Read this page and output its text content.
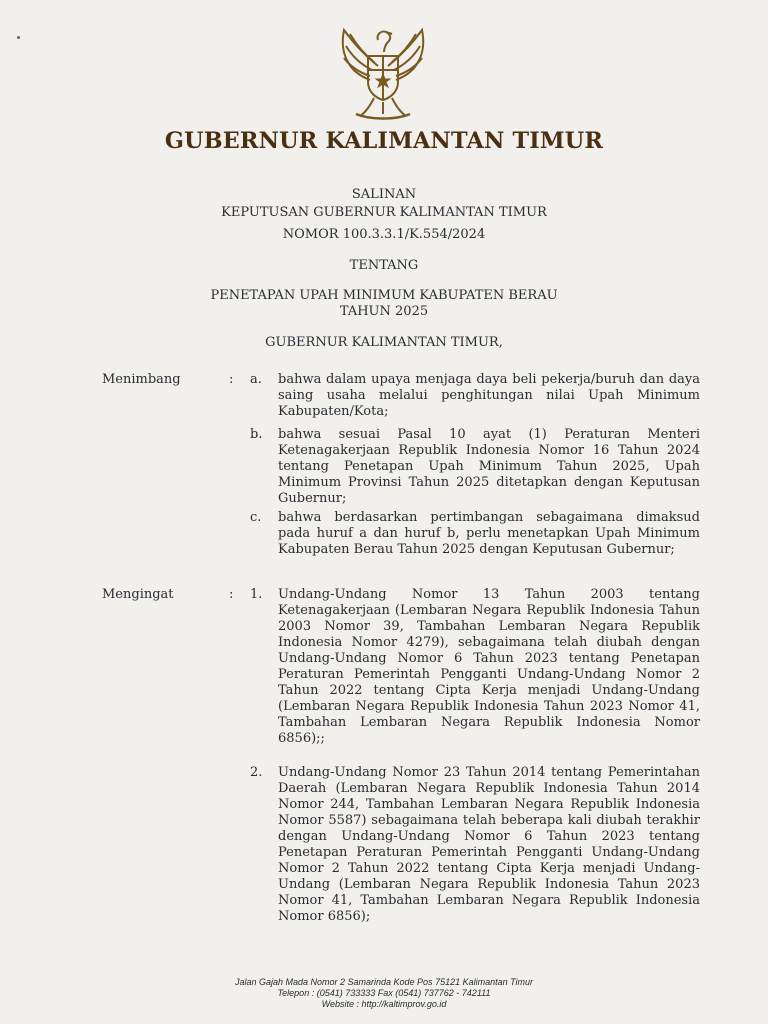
GUBERNUR KALIMANTAN TIMUR
SALINAN
KEPUTUSAN GUBERNUR KALIMANTAN TIMUR
NOMOR 100.3.3.1/K.554/2024
TENTANG
PENETAPAN UPAH MINIMUM KABUPATEN BERAU
TAHUN 2025
GUBERNUR KALIMANTAN TIMUR,
Menimbang	: a. bahwa dalam upaya menjaga daya beli pekerja/buruh dan daya saing usaha melalui penghitungan nilai Upah Minimum Kabupaten/Kota;
b. bahwa sesuai Pasal 10 ayat (1) Peraturan Menteri Ketenagakerjaan Republik Indonesia Nomor 16 Tahun 2024 tentang Penetapan Upah Minimum Tahun 2025, Upah Minimum Provinsi Tahun 2025 ditetapkan dengan Keputusan Gubernur;
c. bahwa berdasarkan pertimbangan sebagaimana dimaksud pada huruf a dan huruf b, perlu menetapkan Upah Minimum Kabupaten Berau Tahun 2025 dengan Keputusan Gubernur;
Mengingat	: 1. Undang-Undang Nomor 13 Tahun 2003 tentang Ketenagakerjaan (Lembaran Negara Republik Indonesia Tahun 2003 Nomor 39, Tambahan Lembaran Negara Republik Indonesia Nomor 4279), sebagaimana telah diubah dengan Undang-Undang Nomor 6 Tahun 2023 tentang Penetapan Peraturan Pemerintah Pengganti Undang-Undang Nomor 2 Tahun 2022 tentang Cipta Kerja menjadi Undang-Undang (Lembaran Negara Republik Indonesia Tahun 2023 Nomor 41, Tambahan Lembaran Negara Republik Indonesia Nomor 6856);;
2. Undang-Undang Nomor 23 Tahun 2014 tentang Pemerintahan Daerah (Lembaran Negara Republik Indonesia Tahun 2014 Nomor 244, Tambahan Lembaran Negara Republik Indonesia Nomor 5587) sebagaimana telah beberapa kali diubah terakhir dengan Undang-Undang Nomor 6 Tahun 2023 tentang Penetapan Peraturan Pemerintah Pengganti Undang-Undang Nomor 2 Tahun 2022 tentang Cipta Kerja menjadi Undang-Undang (Lembaran Negara Republik Indonesia Tahun 2023 Nomor 41, Tambahan Lembaran Negara Republik Indonesia Nomor 6856);
Jalan Gajah Mada Nomor 2 Samarinda Kode Pos 75121 Kalimantan Timur
Telepon : (0541) 733333 Fax (0541) 737762 - 742111
Website : http://kaltimprov.go.id
